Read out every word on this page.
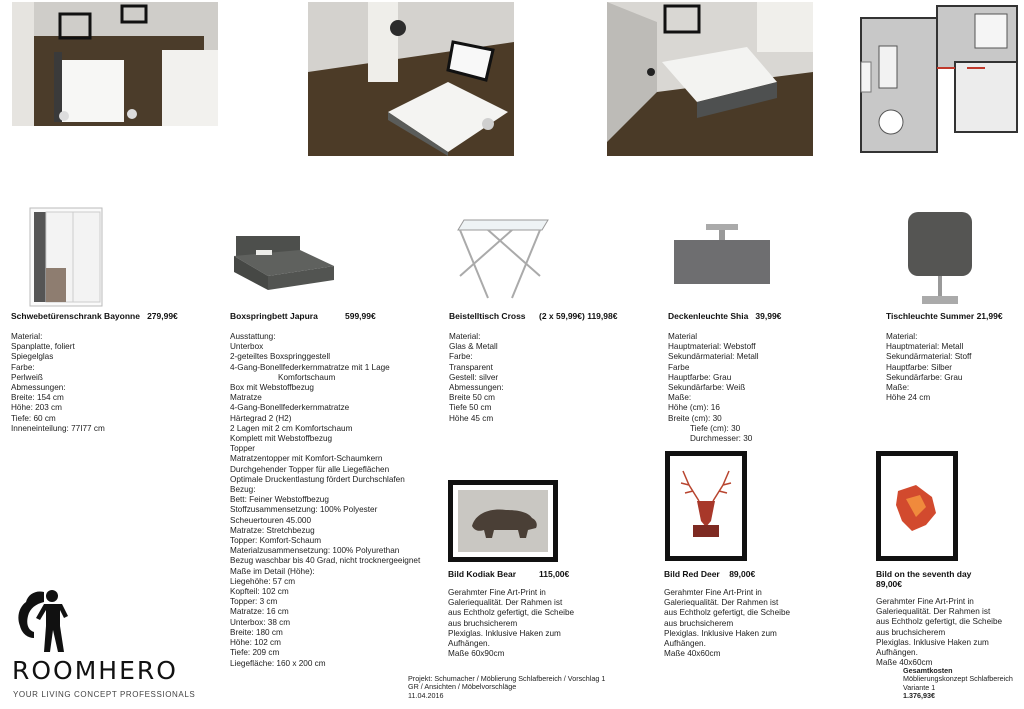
Schwebetürenschrank Bayonne 279,99€	Boxspringbett Japura	599,99€	Beistelltisch Cross (2 x 59,99€) 119,98€	Deckenleuchte Shia 39,99€	Tischleuchte Summer 21,99€
Material:
Spanplatte, foliert
Spiegelglas
Farbe:
Perlweiß
Abmessungen:
Breite: 154 cm
Höhe: 203 cm
Tiefe: 60 cm
Inneneinteilung: 77I77 cm
Ausstattung:
Unterbox
2-geteiltes Boxspringgestell
4-Gang-Bonellfederkernmatratze mit 1 Lage
Komfortschaum
Box mit Webstoffbezug
Matratze
4-Gang-Bonellfederkernmatratze
Härtegrad 2 (H2)
2 Lagen mit 2 cm Komfortschaum
Komplett mit Webstoffbezug
Topper
Matratzentopper mit Komfort-Schaumkern
Durchgehender Topper für alle Liegeflächen
Optimale Druckentlastung fördert Durchschlafen
Bezug:
Bett: Feiner Webstoffbezug
Stoffzusammensetzung: 100% Polyester
Scheuertouren 45.000
Matratze: Stretchbezug
Topper: Komfort-Schaum
Materialzusammensetzung: 100% Polyurethan
Bezug waschbar bis 40 Grad, nicht trocknergeeignet
Maße im Detail (Höhe):
Liegehöhe: 57 cm
Kopfteil: 102 cm
Topper: 3 cm
Matratze: 16 cm
Unterbox: 38 cm
Breite: 180 cm
Höhe: 102 cm
Tiefe: 209 cm
Liegefläche: 160 x 200 cm
Material:
Glas & Metall
Farbe:
Transparent
Gestell: silver
Abmessungen:
Breite 50 cm
Tiefe 50 cm
Höhe 45 cm
Material
Hauptmaterial: Webstoff
Sekundärmaterial: Metall
Farbe
Hauptfarbe: Grau
Sekundärfarbe: Weiß
Maße:
Höhe (cm): 16
Breite (cm): 30
Tiefe (cm): 30
Durchmesser: 30
Material:
Hauptmaterial: Metall
Sekundärmaterial: Stoff
Hauptfarbe: Silber
Sekundärfarbe: Grau
Maße:
Höhe 24 cm
Bild Kodiak Bear	115,00€	Bild Red Deer 89,00€	Bild on the seventh day
89,00€
Gerahmter Fine Art-Print in
Galeriequalität. Der Rahmen ist
aus Echtholz gefertigt, die Scheibe
aus bruchsicherem
Plexiglas. Inklusive Haken zum
Aufhängen.
Maße 60x90cm
Gerahmter Fine Art-Print in
Galeriequalität. Der Rahmen ist
aus Echtholz gefertigt, die Scheibe
aus bruchsicherem
Plexiglas. Inklusive Haken zum
Aufhängen.
Maße 40x60cm
Gerahmter Fine Art-Print in
Galeriequalität. Der Rahmen ist
aus Echtholz gefertigt, die Scheibe
aus bruchsicherem
Plexiglas. Inklusive Haken zum
Aufhängen.
Maße 40x60cm
ROOMHERO
YOUR LIVING CONCEPT PROFESSIONALS
Projekt: Schumacher / Möblierung Schlafbereich / Vorschlag 1
GR / Ansichten / Möbelvorschläge
11.04.2016
Gesamtkosten
Möblierungskonzept Schlafbereich
Variante 1
1.376,93€
